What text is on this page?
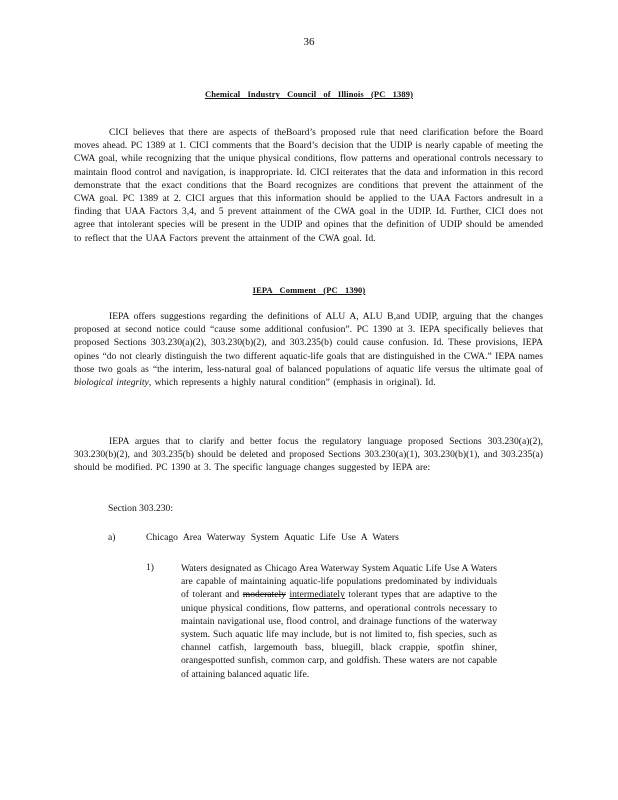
36
Chemical Industry Council of Illinois (PC 1389)

CICI believes that there are aspects of theBoard’s proposed rule that need clarification before the Board moves ahead. PC 1389 at 1. CICI comments that the Board’s decision that the UDIP is nearly capable of meeting the CWA goal, while recognizing that the unique physical conditions, flow patterns and operational controls necessary to maintain flood control and navigation, is inappropriate. Id. CICI reiterates that the data and information in this record demonstrate that the exact conditions that the Board recognizes are conditions that prevent the attainment of the CWA goal. PC 1389 at 2. CICI argues that this information should be applied to the UAA Factors andresult in a finding that UAA Factors 3,4, and 5 prevent attainment of the CWA goal in the UDIP. Id. Further, CICI does not agree that intolerant species will be present in the UDIP and opines that the definition of UDIP should be amended to reflect that the UAA Factors prevent the attainment of the CWA goal. Id.

IEPA Comment (PC 1390)

IEPA offers suggestions regarding the definitions of ALU A, ALU B,and UDIP, arguing that the changes proposed at second notice could “cause some additional confusion”. PC 1390 at 3. IEPA specifically believes that proposed Sections 303.230(a)(2), 303.230(b)(2), and 303.235(b) could cause confusion. Id. These provisions, IEPA opines “do not clearly distinguish the two different aquatic-life goals that are distinguished in the CWA.” IEPA names those two goals as “the interim, less-natural goal of balanced populations of aquatic life versus the ultimate goal of biological integrity, which represents a highly natural condition” (emphasis in original). Id.

IEPA argues that to clarify and better focus the regulatory language proposed Sections 303.230(a)(2), 303.230(b)(2), and 303.235(b) should be deleted and proposed Sections 303.230(a)(1), 303.230(b)(1), and 303.235(a) should be modified. PC 1390 at 3. The specific language changes suggested by IEPA are:

Section 303.230:
a)	Chicago Area Waterway System Aquatic Life Use A Waters
1)	Waters designated as Chicago Area Waterway System Aquatic Life Use A Waters are capable of maintaining aquatic-life populations predominated by individuals of tolerant and moderately intermediately tolerant types that are adaptive to the unique physical conditions, flow patterns, and operational controls necessary to maintain navigational use, flood control, and drainage functions of the waterway system. Such aquatic life may include, but is not limited to, fish species, such as channel catfish, largemouth bass, bluegill, black crappie, spotfin shiner, orangespotted sunfish, common carp, and goldfish. These waters are not capable of attaining balanced aquatic life.
